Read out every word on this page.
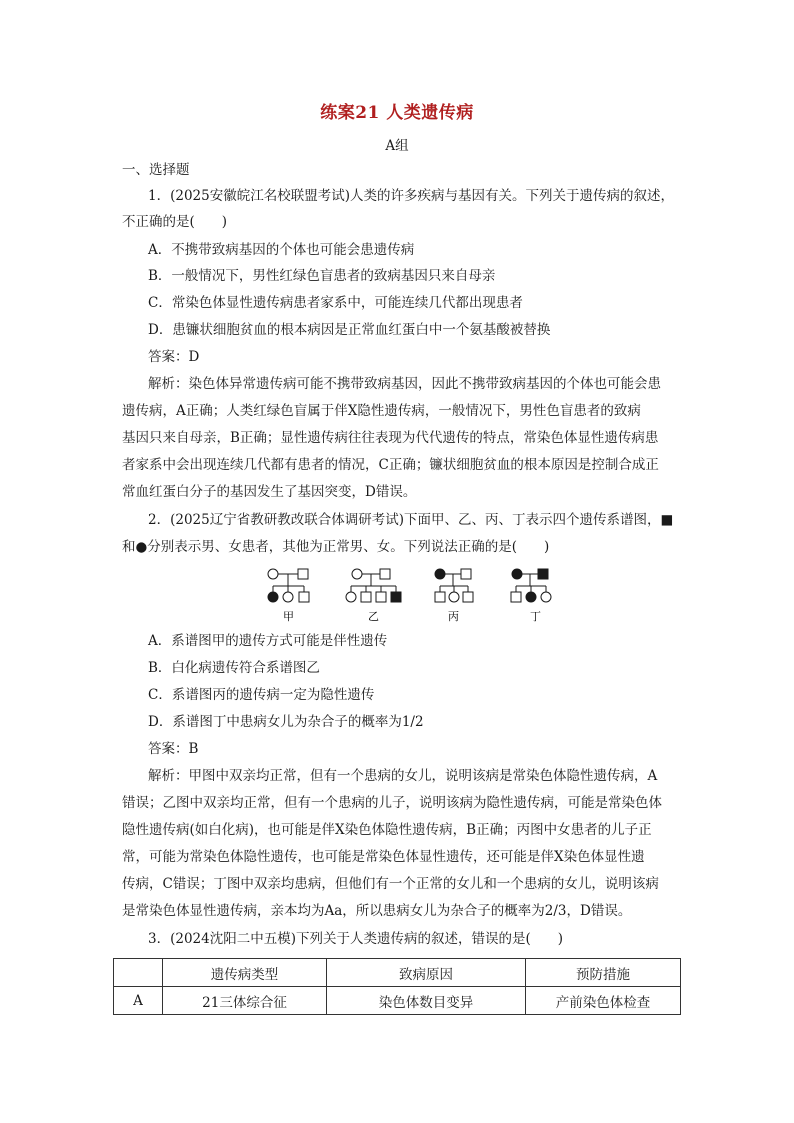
练案21 人类遗传病
A组
一、选择题
1．(2025安徽皖江名校联盟考试)人类的许多疾病与基因有关。下列关于遗传病的叙述，
不正确的是(　　)
A．不携带致病基因的个体也可能会患遗传病
B．一般情况下，男性红绿色盲患者的致病基因只来自母亲
C．常染色体显性遗传病患者家系中，可能连续几代都出现患者
D．患镰状细胞贫血的根本病因是正常血红蛋白中一个氨基酸被替换
答案：D
解析：染色体异常遗传病可能不携带致病基因，因此不携带致病基因的个体也可能会患
遗传病，A正确；人类红绿色盲属于伴X隐性遗传病，一般情况下，男性色盲患者的致病
基因只来自母亲，B正确；显性遗传病往往表现为代代遗传的特点，常染色体显性遗传病患
者家系中会出现连续几代都有患者的情况，C正确；镰状细胞贫血的根本原因是控制合成正
常血红蛋白分子的基因发生了基因突变，D错误。
2．(2025辽宁省教研教改联合体调研考试)下面甲、乙、丙、丁表示四个遗传系谱图，■
和●分别表示男、女患者，其他为正常男、女。下列说法正确的是(　　)
甲	乙	丙	丁
A．系谱图甲的遗传方式可能是伴性遗传
B．白化病遗传符合系谱图乙
C．系谱图丙的遗传病一定为隐性遗传
D．系谱图丁中患病女儿为杂合子的概率为1/2
答案：B
解析：甲图中双亲均正常，但有一个患病的女儿，说明该病是常染色体隐性遗传病，A
错误；乙图中双亲均正常，但有一个患病的儿子，说明该病为隐性遗传病，可能是常染色体
隐性遗传病(如白化病)，也可能是伴X染色体隐性遗传病，B正确；丙图中女患者的儿子正
常，可能为常染色体隐性遗传，也可能是常染色体显性遗传，还可能是伴X染色体显性遗
传病，C错误；丁图中双亲均患病，但他们有一个正常的女儿和一个患病的女儿，说明该病
是常染色体显性遗传病，亲本均为Aa，所以患病女儿为杂合子的概率为2/3，D错误。
3．(2024沈阳二中五模)下列关于人类遗传病的叙述，错误的是(　　)
	遗传病类型	致病原因	预防措施
A	21三体综合征	染色体数目变异	产前染色体检查
